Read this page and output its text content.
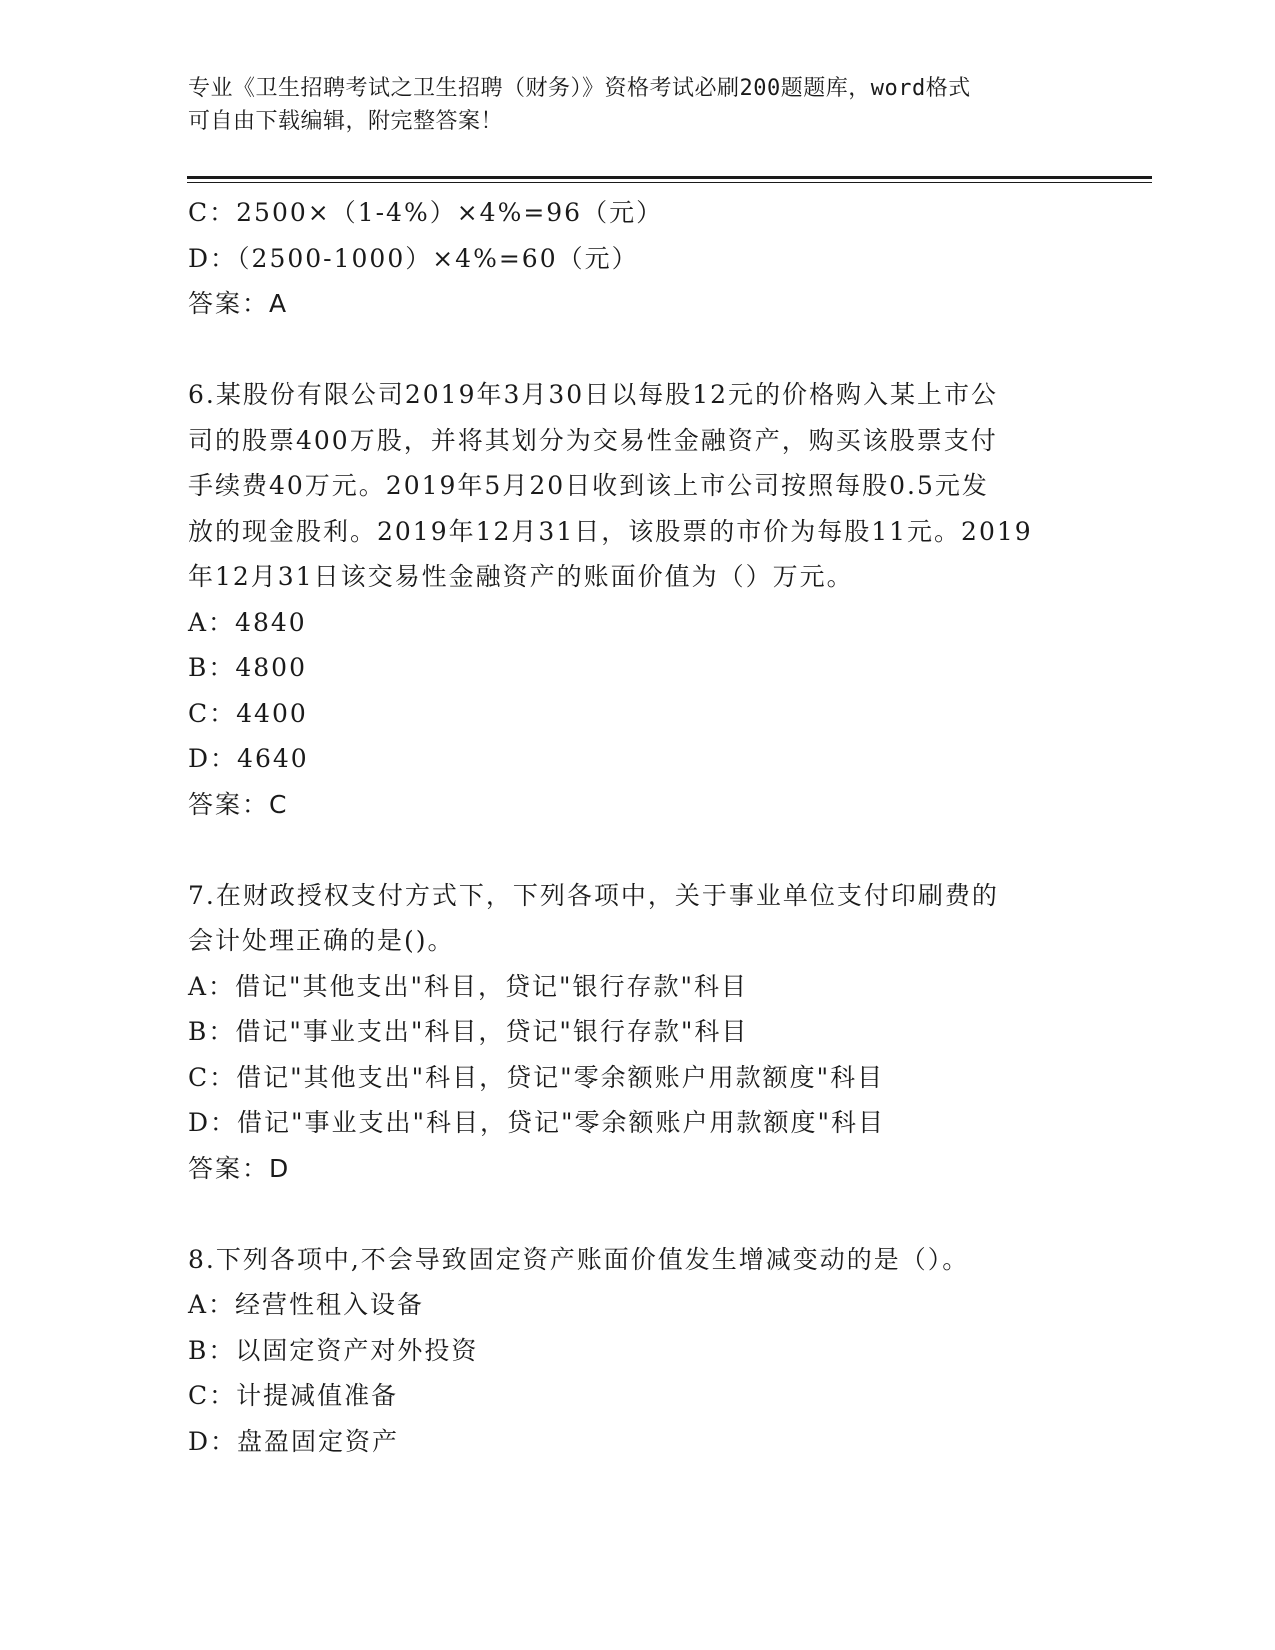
专业《卫生招聘考试之卫生招聘（财务）》资格考试必刷200题题库，word格式
可自由下载编辑，附完整答案！
C：2500×（1-4%）×4%=96（元）
D：（2500-1000）×4%=60（元）
答案：A
6.某股份有限公司2019年3月30日以每股12元的价格购入某上市公
司的股票400万股，并将其划分为交易性金融资产，购买该股票支付
手续费40万元。2019年5月20日收到该上市公司按照每股0.5元发
放的现金股利。2019年12月31日，该股票的市价为每股11元。2019
年12月31日该交易性金融资产的账面价值为（）万元。
A：4840
B：4800
C：4400
D：4640
答案：C
7.在财政授权支付方式下，下列各项中，关于事业单位支付印刷费的
会计处理正确的是()。
A：借记"其他支出"科目，贷记"银行存款"科目
B：借记"事业支出"科目，贷记"银行存款"科目
C：借记"其他支出"科目，贷记"零余额账户用款额度"科目
D：借记"事业支出"科目，贷记"零余额账户用款额度"科目
答案：D
8.下列各项中,不会导致固定资产账面价值发生增减变动的是（）。
A：经营性租入设备
B：以固定资产对外投资
C：计提减值准备
D：盘盈固定资产
